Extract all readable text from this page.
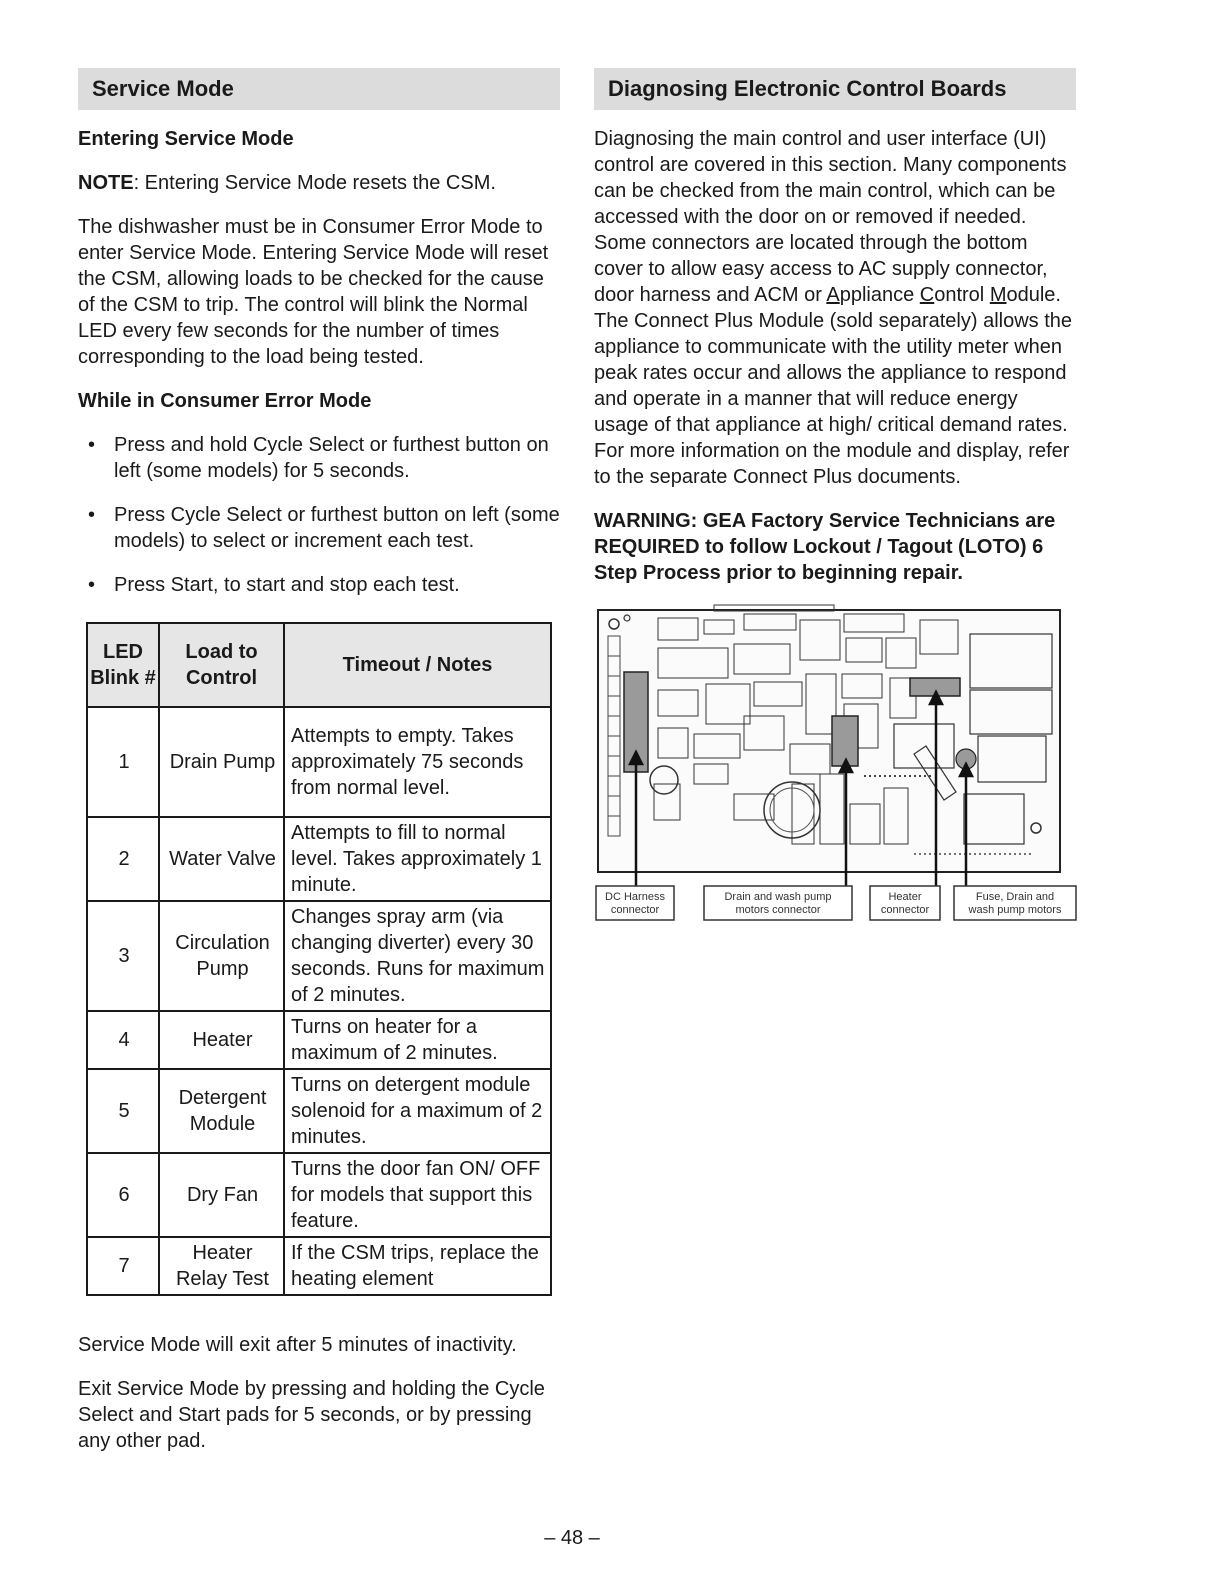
Service Mode

Entering Service Mode

NOTE: Entering Service Mode resets the CSM.

The dishwasher must be in Consumer Error Mode to enter Service Mode. Entering Service Mode will reset the CSM, allowing loads to be checked for the cause of the CSM to trip. The control will blink the Normal LED every few seconds for the number of times corresponding to the load being tested.

While in Consumer Error Mode

• Press and hold Cycle Select or furthest button on left (some models) for 5 seconds.
• Press Cycle Select or furthest button on left (some models) to select or increment each test.
• Press Start, to start and stop each test.
LED Blink #	Load to Control	Timeout / Notes
1	Drain Pump	Attempts to empty. Takes approximately 75 seconds from normal level.
2	Water Valve	Attempts to fill to normal level. Takes approximately 1 minute.
3	Circulation Pump	Changes spray arm (via changing diverter) every 30 seconds. Runs for maximum of 2 minutes.
4	Heater	Turns on heater for a maximum of 2 minutes.
5	Detergent Module	Turns on detergent module solenoid for a maximum of 2 minutes.
6	Dry Fan	Turns the door fan ON/ OFF for models that support this feature.
7	Heater Relay Test	If the CSM trips, replace the heating element

Service Mode will exit after 5 minutes of inactivity.

Exit Service Mode by pressing and holding the Cycle Select and Start pads for 5 seconds, or by pressing any other pad.

Diagnosing Electronic Control Boards

Diagnosing the main control and user interface (UI) control are covered in this section. Many components can be checked from the main control, which can be accessed with the door on or removed if needed. Some connectors are located through the bottom cover to allow easy access to AC supply connector, door harness and ACM or Appliance Control Module. The Connect Plus Module (sold separately) allows the appliance to communicate with the utility meter when peak rates occur and allows the appliance to respond and operate in a manner that will reduce energy usage of that appliance at high/ critical demand rates. For more information on the module and display, refer to the separate Connect Plus documents.

WARNING: GEA Factory Service Technicians are REQUIRED to follow Lockout / Tagout (LOTO) 6 Step Process prior to beginning repair.

DC Harness
connector
Drain and wash pump
motors connector
Heater
connector
Fuse, Drain and
wash pump motors
– 48 –
